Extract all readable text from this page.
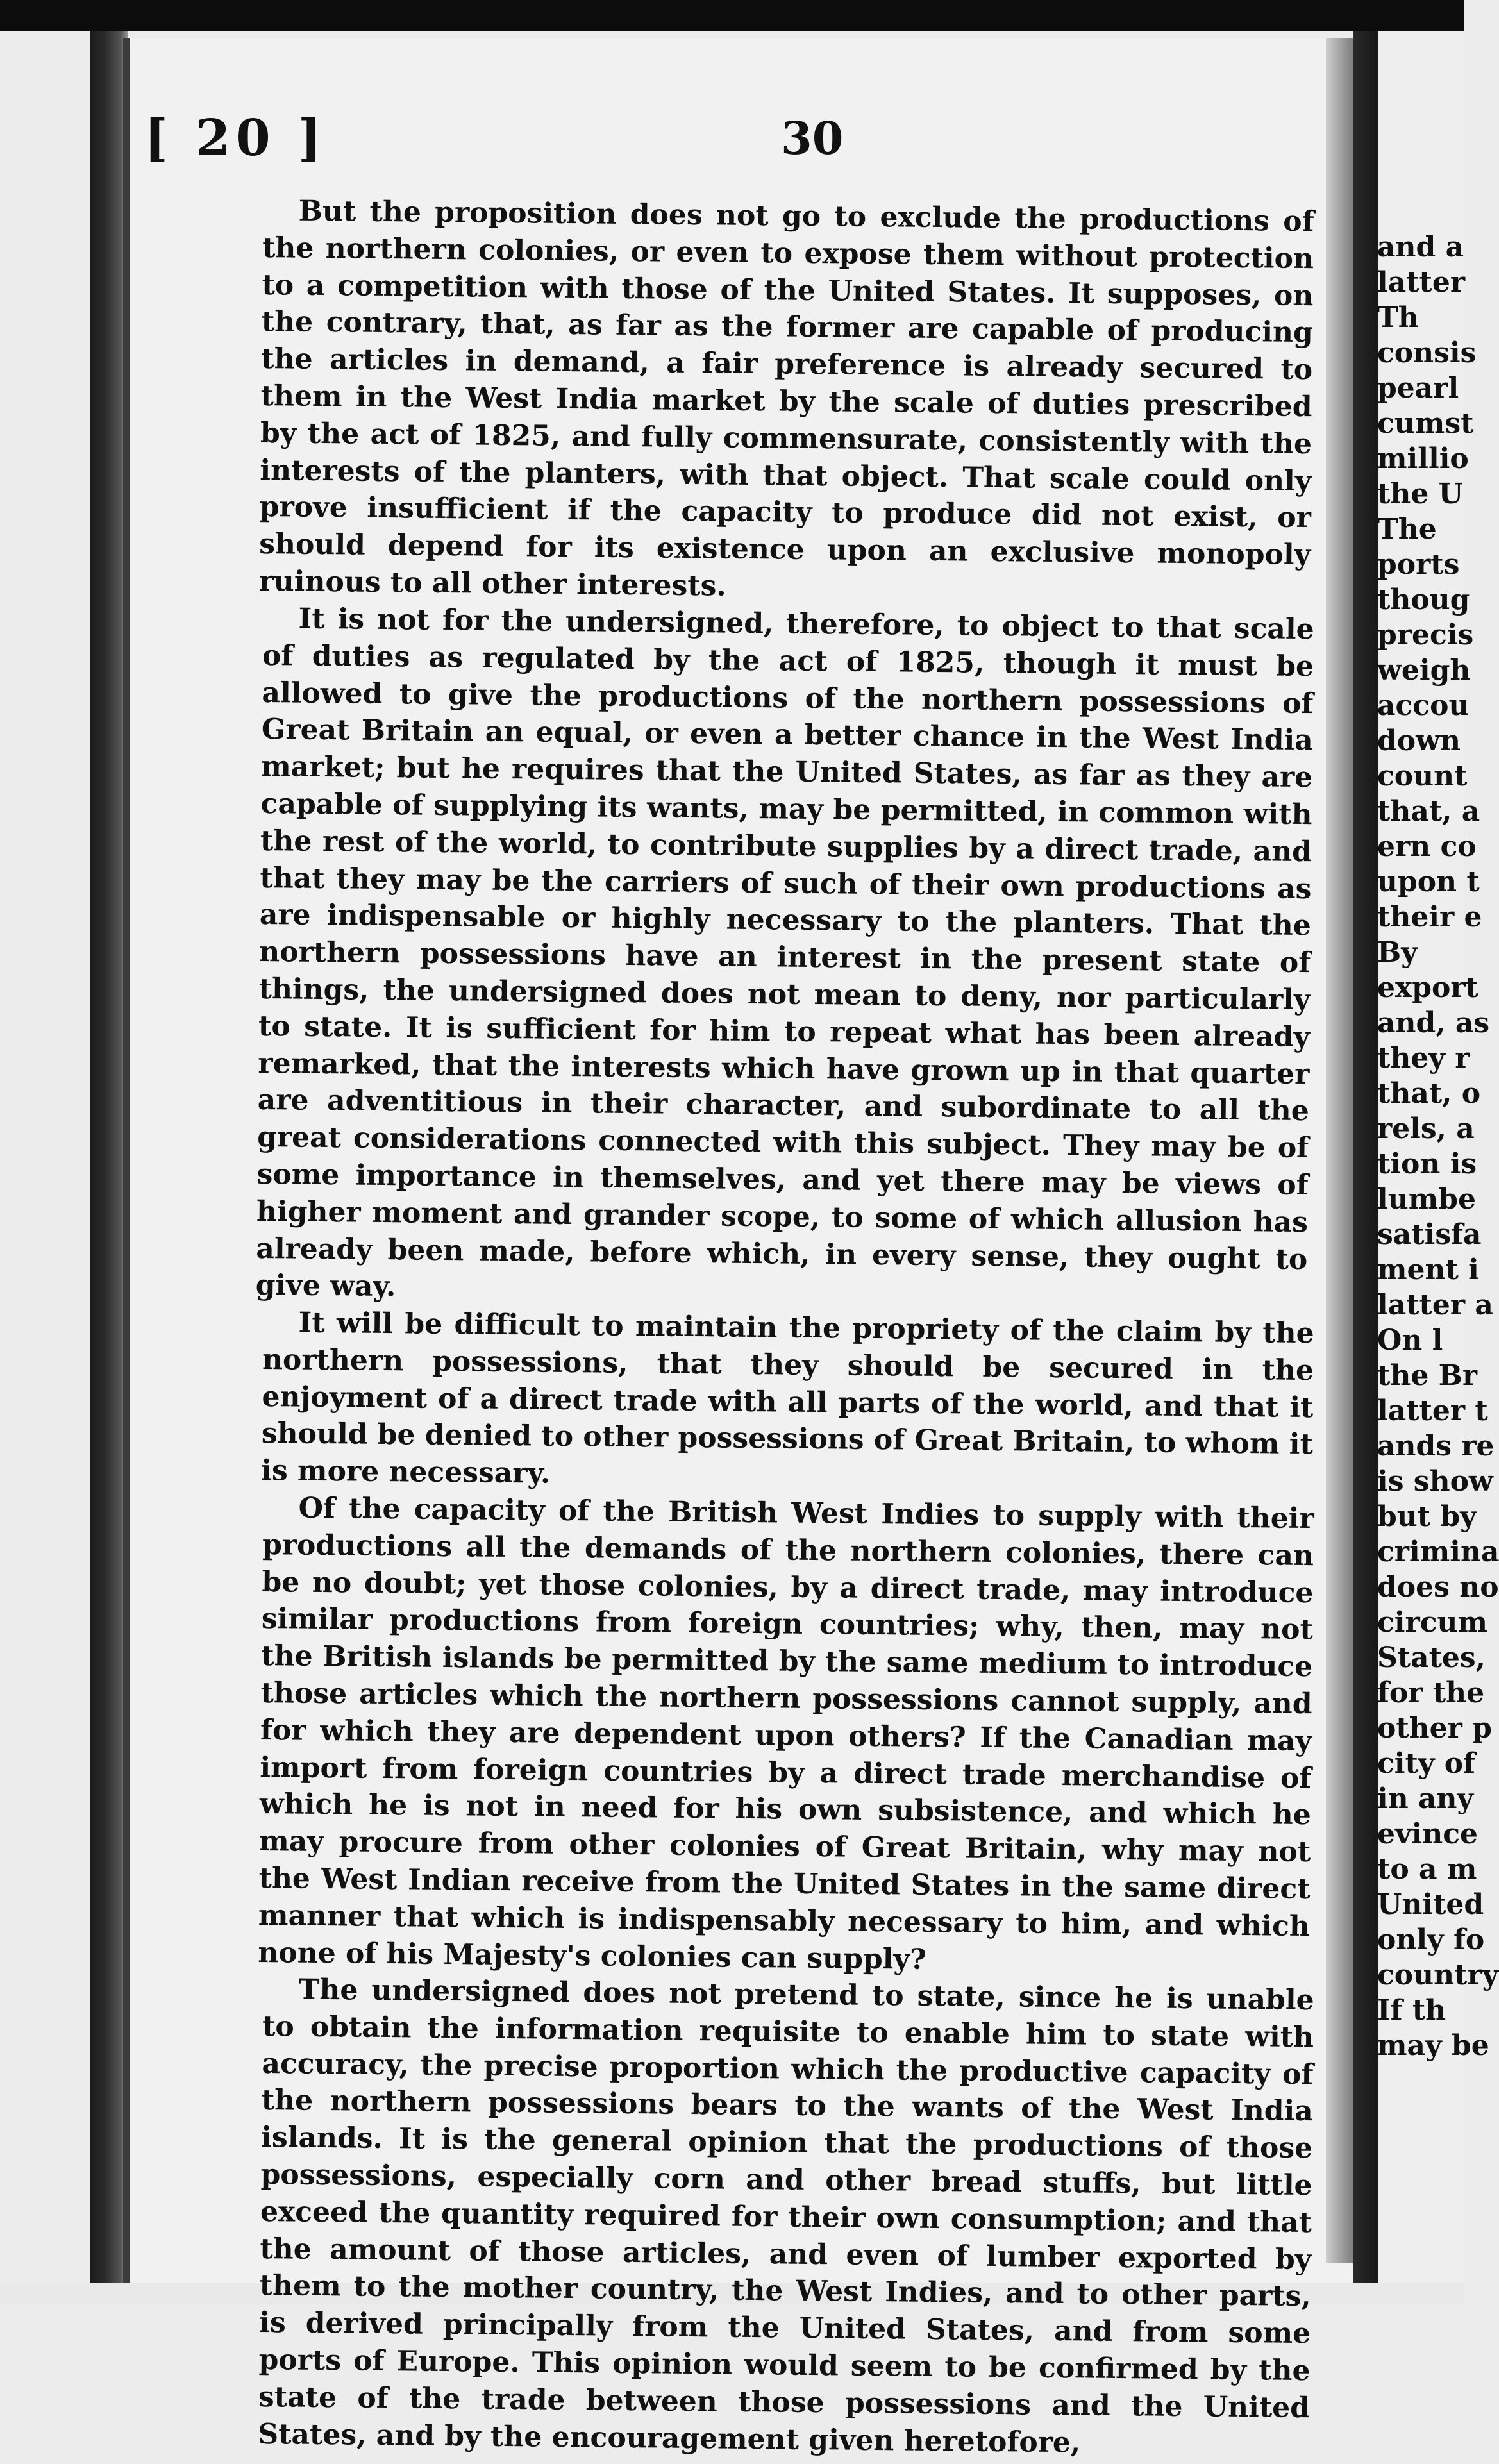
[ 20 ]	30

But the proposition does not go to exclude the productions of the northern colonies, or even to expose them without protection to a competition with those of the United States. It supposes, on the contrary, that, as far as the former are capable of producing the articles in demand, a fair preference is already secured to them in the West India market by the scale of duties prescribed by the act of 1825, and fully commensurate, consistently with the interests of the planters, with that object. That scale could only prove insufficient if the capacity to produce did not exist, or should depend for its existence upon an exclusive monopoly ruinous to all other interests.

It is not for the undersigned, therefore, to object to that scale of duties as regulated by the act of 1825, though it must be allowed to give the productions of the northern possessions of Great Britain an equal, or even a better chance in the West India market; but he requires that the United States, as far as they are capable of supplying its wants, may be permitted, in common with the rest of the world, to contribute supplies by a direct trade, and that they may be the carriers of such of their own productions as are indispensable or highly necessary to the planters. That the northern possessions have an interest in the present state of things, the undersigned does not mean to deny, nor particularly to state. It is sufficient for him to repeat what has been already remarked, that the interests which have grown up in that quarter are adventitious in their character, and subordinate to all the great considerations connected with this subject. They may be of some importance in themselves, and yet there may be views of higher moment and grander scope, to some of which allusion has already been made, before which, in every sense, they ought to give way.

It will be difficult to maintain the propriety of the claim by the northern possessions, that they should be secured in the enjoyment of a direct trade with all parts of the world, and that it should be denied to other possessions of Great Britain, to whom it is more necessary.

Of the capacity of the British West Indies to supply with their productions all the demands of the northern colonies, there can be no doubt; yet those colonies, by a direct trade, may introduce similar productions from foreign countries; why, then, may not the British islands be permitted by the same medium to introduce those articles which the northern possessions cannot supply, and for which they are dependent upon others? If the Canadian may import from foreign countries by a direct trade merchandise of which he is not in need for his own subsistence, and which he may procure from other colonies of Great Britain, why may not the West Indian receive from the United States in the same direct manner that which is indispensably necessary to him, and which none of his Majesty's colonies can supply?

The undersigned does not pretend to state, since he is unable to obtain the information requisite to enable him to state with accuracy, the precise proportion which the productive capacity of the northern possessions bears to the wants of the West India islands. It is the general opinion that the productions of those possessions, especially corn and other bread stuffs, but little exceed the quantity required for their own consumption; and that the amount of those articles, and even of lumber exported by them to the mother country, the West Indies, and to other parts, is derived principally from the United States, and from some ports of Europe. This opinion would seem to be confirmed by the state of the trade between those possessions and the United States, and by the encouragement given heretofore,

and a
latter
Th
consis
pearl
cumst
millio
the U
The
ports
thoug
precis
weigh
accou
down
count
that, a
ern co
upon t
their e
By
export
and, as
they r
that, o
rels, a
tion is
lumbe
satisfa
ment i
latter a
On l
the Br
latter t
ands re
is show
but by
crimina
does no
circum
States,
for the
other p
city of
in any
evince
to a m
United
only fo
country
If th
may be
